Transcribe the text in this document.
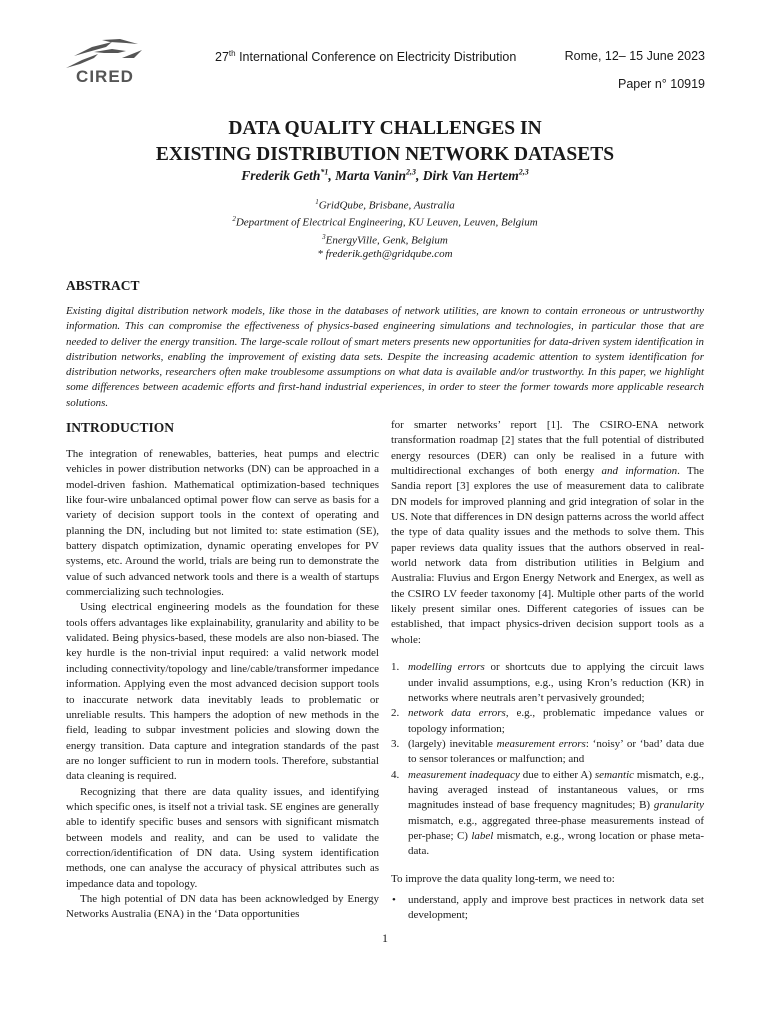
CIRED
27th International Conference on Electricity Distribution	Rome, 12– 15 June 2023
Paper n° 10919
DATA QUALITY CHALLENGES IN
EXISTING DISTRIBUTION NETWORK DATASETS
Frederik Geth$^{*1}$, Marta Vanin$^{2,3}$, Dirk Van Hertem$^{2,3}$
$^1$GridQube, Brisbane, Australia
$^2$Department of Electrical Engineering, KU Leuven, Leuven, Belgium
$^3$EnergyVille, Genk, Belgium
* frederik.geth@gridqube.com
ABSTRACT

Existing digital distribution network models, like those in the databases of network utilities, are known to contain erroneous or untrustworthy information. This can compromise the effectiveness of physics-based engineering simulations and technologies, in particular those that are needed to deliver the energy transition. The large-scale rollout of smart meters presents new opportunities for data-driven system identification in distribution networks, enabling the improvement of existing data sets. Despite the increasing academic attention to system identification for distribution networks, researchers often make troublesome assumptions on what data is available and/or trustworthy. In this paper, we highlight some differences between academic efforts and first-hand industrial experiences, in order to steer the former towards more applicable research solutions.

INTRODUCTION

The integration of renewables, batteries, heat pumps and electric vehicles in power distribution networks (DN) can be approached in a model-driven fashion. Mathematical optimization-based techniques like four-wire unbalanced optimal power flow can serve as basis for a variety of decision support tools in the context of operating and planning the DN, including but not limited to: state estimation (SE), battery dispatch optimization, dynamic operating envelopes for PV systems, etc. Around the world, trials are being run to demonstrate the value of such advanced network tools and there is a wealth of startups commercializing such technologies.

Using electrical engineering models as the foundation for these tools offers advantages like explainability, granularity and ability to be validated. Being physics-based, these models are also non-biased. The key hurdle is the non-trivial input required: a valid network model including connectivity/topology and line/cable/transformer impedance information. Applying even the most advanced decision support tools to inaccurate network data inevitably leads to problematic or unreliable results. This hampers the adoption of new methods in the field, leading to subpar investment policies and slowing down the energy transition. Data capture and integration standards of the past are no longer sufficient to run in modern tools. Therefore, substantial data cleaning is required.

Recognizing that there are data quality issues, and identifying which specific ones, is itself not a trivial task. SE engines are generally able to identify specific buses and sensors with significant mismatch between models and reality, and can be used to validate the correction/identification of DN data. Using system identification methods, one can analyse the accuracy of physical attributes such as impedance data and topology.

The high potential of DN data has been acknowledged by Energy Networks Australia (ENA) in the ‘Data opportunities

for smarter networks’ report [1]. The CSIRO-ENA network transformation roadmap [2] states that the full potential of distributed energy resources (DER) can only be realised in a future with multidirectional exchanges of both energy and information. The Sandia report [3] explores the use of measurement data to calibrate DN models for improved planning and grid integration of solar in the US. Note that differences in DN design patterns across the world affect the type of data quality issues and the methods to solve them. This paper reviews data quality issues that the authors observed in real-world network data from distribution utilities in Belgium and Australia: Fluvius and Ergon Energy Network and Energex, as well as the CSIRO LV feeder taxonomy [4]. Multiple other parts of the world likely present similar ones. Different categories of issues can be established, that impact physics-driven decision support tools as a whole:

1. modelling errors or shortcuts due to applying the circuit laws under invalid assumptions, e.g., using Kron’s reduction (KR) in networks where neutrals aren’t pervasively grounded;
2. network data errors, e.g., problematic impedance values or topology information;
3. (largely) inevitable measurement errors: ‘noisy’ or ‘bad’ data due to sensor tolerances or malfunction; and
4. measurement inadequacy due to either A) semantic mismatch, e.g., having averaged instead of instantaneous values, or rms magnitudes instead of base frequency magnitudes; B) granularity mismatch, e.g., aggregated three-phase measurements instead of per-phase; C) label mismatch, e.g., wrong location or phase meta-data.

To improve the data quality long-term, we need to:

• understand, apply and improve best practices in network data set development;
1
